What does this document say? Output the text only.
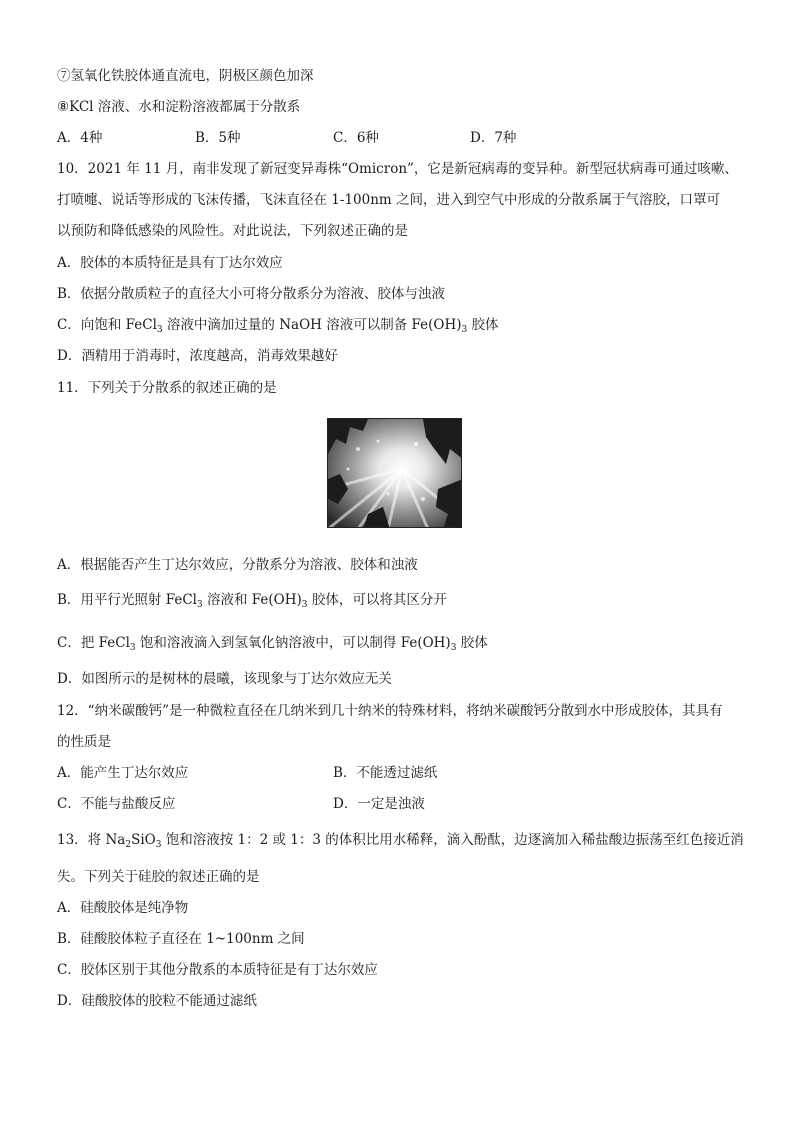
⑦氢氧化铁胶体通直流电，阴极区颜色加深
⑧KCl 溶液、水和淀粉溶液都属于分散系
A．4种	B．5种	C．6种	D．7种
10．2021 年 11 月，南非发现了新冠变异毒株“Omicron”，它是新冠病毒的变异种。新型冠状病毒可通过咳嗽、
打喷嚏、说话等形成的飞沫传播，飞沫直径在 1-100nm 之间，进入到空气中形成的分散系属于气溶胶，口罩可
以预防和降低感染的风险性。对此说法，下列叙述正确的是
A．胶体的本质特征是具有丁达尔效应
B．依据分散质粒子的直径大小可将分散系分为溶液、胶体与浊液
C．向饱和 FeCl$_3$ 溶液中滴加过量的 NaOH 溶液可以制备 $Fe(OH)_3$ 胶体
D．酒精用于消毒时，浓度越高，消毒效果越好
11．下列关于分散系的叙述正确的是
A．根据能否产生丁达尔效应，分散系分为溶液、胶体和浊液
B．用平行光照射 FeCl$_3$ 溶液和 $Fe(OH)_3$ 胶体，可以将其区分开
C．把 FeCl$_3$ 饱和溶液滴入到氢氧化钠溶液中，可以制得 $Fe(OH)_3$ 胶体
D．如图所示的是树林的晨曦，该现象与丁达尔效应无关
12．“纳米碳酸钙”是一种微粒直径在几纳米到几十纳米的特殊材料，将纳米碳酸钙分散到水中形成胶体，其具有
的性质是
A．能产生丁达尔效应	B．不能透过滤纸
C．不能与盐酸反应	D．一定是浊液
13．将 $Na_2SiO_3$ 饱和溶液按 1：2 或 1：3 的体积比用水稀释，滴入酚酞，边逐滴加入稀盐酸边振荡至红色接近消
失。下列关于硅胶的叙述正确的是
A．硅酸胶体是纯净物
B．硅酸胶体粒子直径在 1~100nm 之间
C．胶体区别于其他分散系的本质特征是有丁达尔效应
D．硅酸胶体的胶粒不能通过滤纸
